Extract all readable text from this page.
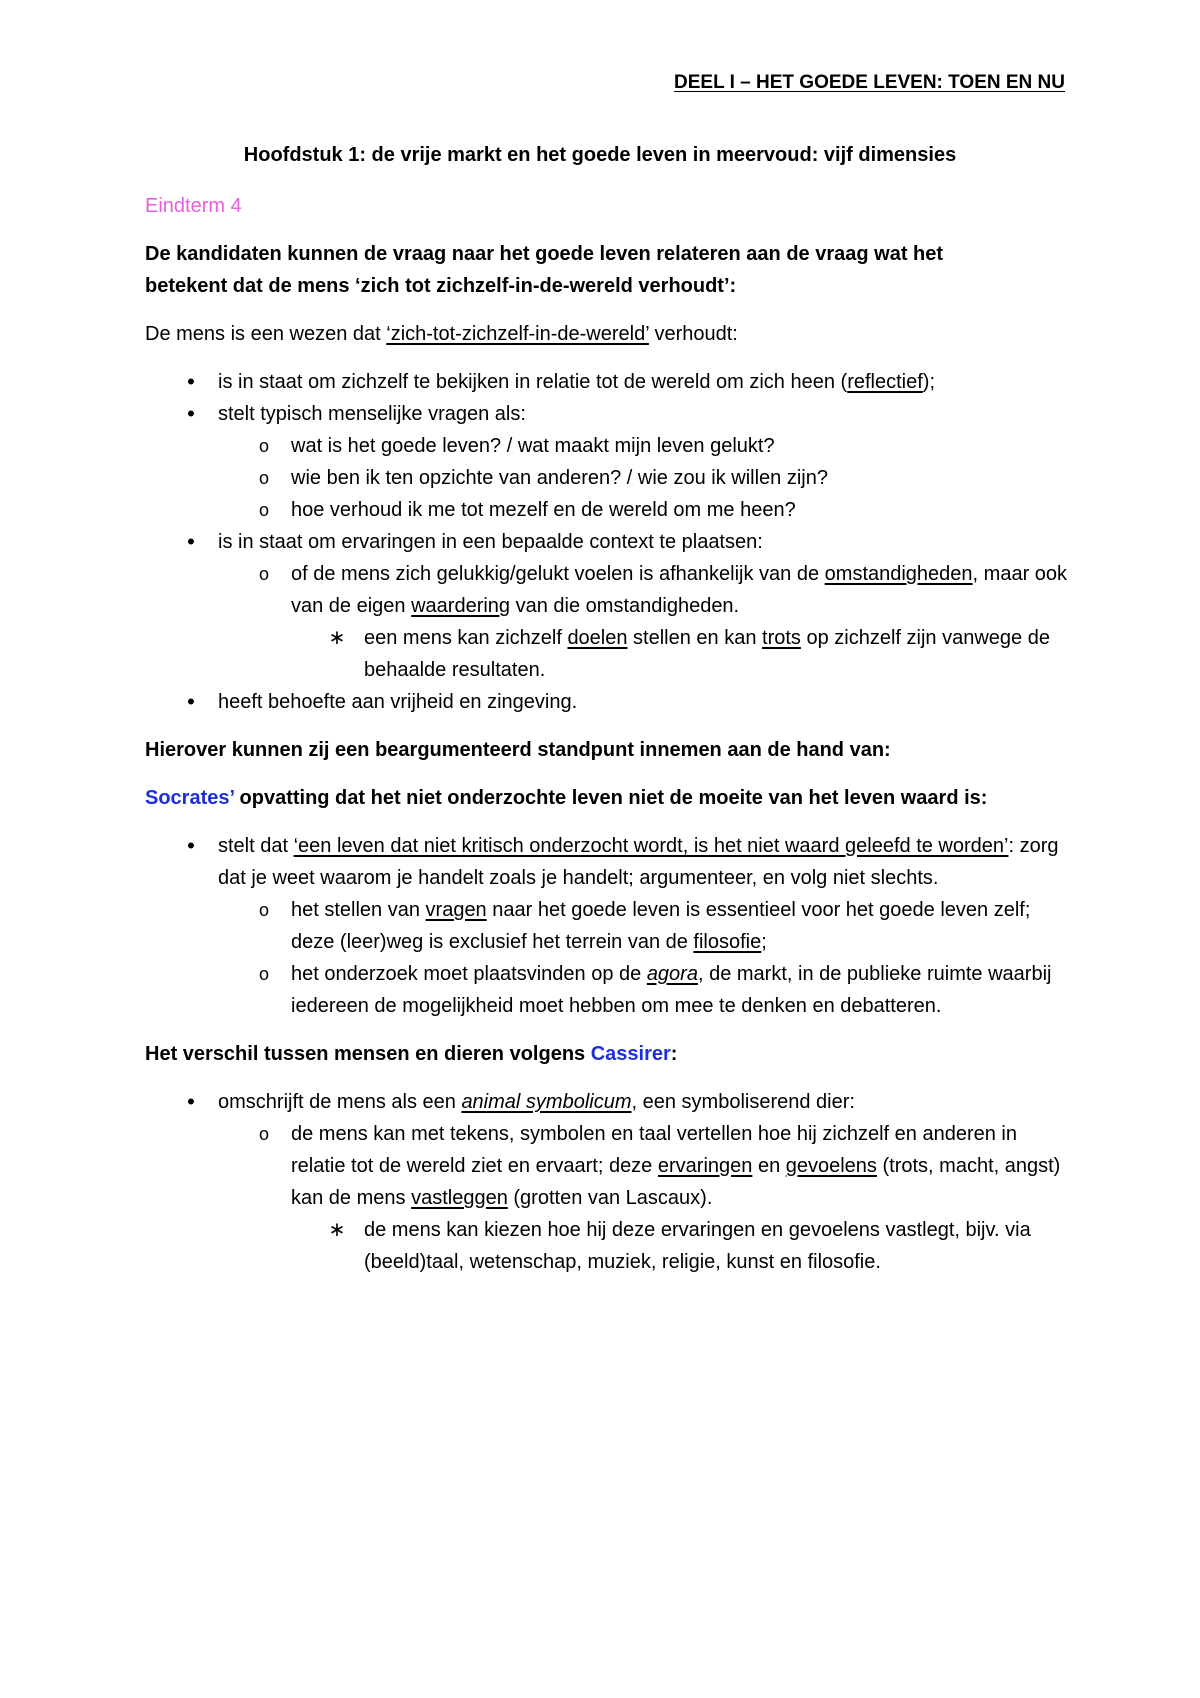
DEEL I – HET GOEDE LEVEN: TOEN EN NU
Hoofdstuk 1: de vrije markt en het goede leven in meervoud: vijf dimensies

Eindterm 4

De kandidaten kunnen de vraag naar het goede leven relateren aan de vraag wat het
betekent dat de mens ‘zich tot zichzelf-in-de-wereld verhoudt’:

De mens is een wezen dat ‘zich-tot-zichzelf-in-de-wereld’ verhoudt:

•	is in staat om zichzelf te bekijken in relatie tot de wereld om zich heen (reflectief);
•	stelt typisch menselijke vragen als:
o	wat is het goede leven? / wat maakt mijn leven gelukt?
o	wie ben ik ten opzichte van anderen? / wie zou ik willen zijn?
o	hoe verhoud ik me tot mezelf en de wereld om me heen?
•	is in staat om ervaringen in een bepaalde context te plaatsen:
o	of de mens zich gelukkig/gelukt voelen is afhankelijk van de omstandigheden, maar ook van de eigen waardering van die omstandigheden.
∗ een mens kan zichzelf doelen stellen en kan trots op zichzelf zijn vanwege de behaalde resultaten.
•	heeft behoefte aan vrijheid en zingeving.

Hierover kunnen zij een beargumenteerd standpunt innemen aan de hand van:

Socrates’ opvatting dat het niet onderzochte leven niet de moeite van het leven waard is:

•	stelt dat ‘een leven dat niet kritisch onderzocht wordt, is het niet waard geleefd te worden’: zorg dat je weet waarom je handelt zoals je handelt; argumenteer, en volg niet slechts.
o	het stellen van vragen naar het goede leven is essentieel voor het goede leven zelf; deze (leer)weg is exclusief het terrein van de filosofie;
o	het onderzoek moet plaatsvinden op de agora, de markt, in de publieke ruimte waarbij iedereen de mogelijkheid moet hebben om mee te denken en debatteren.

Het verschil tussen mensen en dieren volgens Cassirer:

•	omschrijft de mens als een animal symbolicum, een symboliserend dier:
o	de mens kan met tekens, symbolen en taal vertellen hoe hij zichzelf en anderen in relatie tot de wereld ziet en ervaart; deze ervaringen en gevoelens (trots, macht, angst) kan de mens vastleggen (grotten van Lascaux).
∗ de mens kan kiezen hoe hij deze ervaringen en gevoelens vastlegt, bijv. via (beeld)taal, wetenschap, muziek, religie, kunst en filosofie.
